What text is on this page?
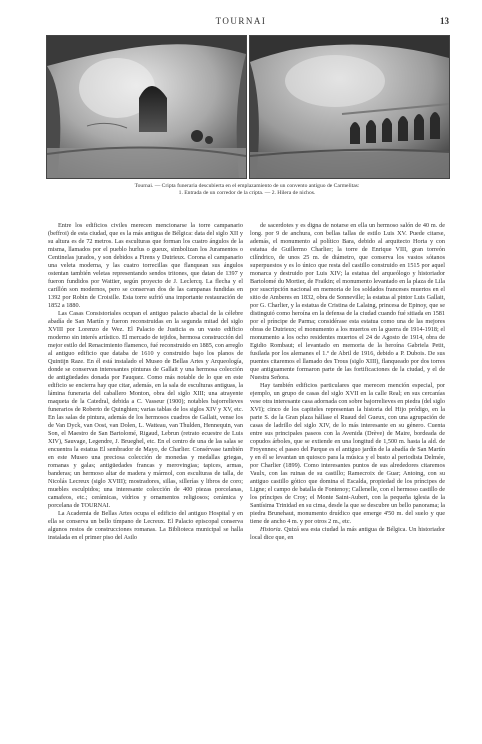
TOURNAI	13
Tournai. — Cripta funeraria descubierta en el emplazamiento de un convento antiguo de Carmelitas:
1. Entrada de un corredor de la cripta. — 2. Hilera de nichos.

Entre los edificios civiles merecen mencionarse la torre campanario (beffroi) de esta ciudad, que es la más antigua de Bélgica: data del siglo XII y su altura es de 72 metros. Las esculturas que forman los cuatro ángulos de la misma, llamados por el pueblo hurlus o gueux, simbolizan los Juramentos o Centinelas jurados, y son debidos a Firens y Dutrieux. Corona el campanario una veleta moderna, y las cuatro torrecillas que flanquean sus ángulos ostentan también veletas representando sendos tritones, que datan de 1397 y fueron fundidos por Wattier, según proyecto de J. Leclercq. La flecha y el carillón son modernos, pero se conservan dos de las campanas fundidas en 1392 por Robin de Croisille. Esta torre sufrió una importante restauración de 1852 a 1880.

Las Casas Consistoriales ocupan el antiguo palacio abacial de la célebre abadía de San Martín y fueron reconstruidas en la segunda mitad del siglo XVIII por Lorenzo de Wez. El Palacio de Justicia es un vasto edificio moderno sin interés artístico. El mercado de tejidos, hermosa construcción del mejor estilo del Renacimiento flamenco, fué reconstruido en 1885, con arreglo al antiguo edificio que databa de 1610 y construido bajo los planos de Quintijn Raze. En él está instalado el Museo de Bellas Artes y Arqueología, donde se conservan interesantes pinturas de Gallait y una hermosa colección de antigüedades donada por Fauquez. Como más notable de lo que en este edificio se encierra hay que citar, además, en la sala de esculturas antiguas, la lámina funeraria del caballero Monton, obra del siglo XIII; una atrayente maqueta de la Catedral, debida a C. Vasseur (1900); notables bajorrelieves funerarios de Roberto de Quinghien; varias tablas de los siglos XIV y XV, etc. En las salas de pintura, además de los hermosos cuadros de Gallait, vense los de Van Dyck, van Oost, van Dolen, L. Watteau, van Thulden, Hennequin, van Son, el Maestro de San Bartolomé, Rigaud, Lebrun (retrato ecuestre de Luis XIV), Sauvage, Legendre, J. Brueghel, etc. En el centro de una de las salas se encuentra la estatua El sembrador de Mayo, de Charlier. Consérvase también en este Museo una preciosa colección de monedas y medallas griegas, romanas y galas; antigüedades francas y merovingias; tapices, armas, banderas; un hermoso altar de madera y mármol, con esculturas de talla, de Nicolás Lecreux (siglo XVIII); mostradores, sillas, sillerías y libros de coro; muebles esculpidos; una interesante colección de 400 piezas porcelanas, camafeos, etc.; cerámicas, vidrios y ornamentos religiosos; cerámica y porcelana de TOURNAI.

La Academia de Bellas Artes ocupa el edificio del antiguo Hospital y en ella se conserva un bello tímpano de Lecreux. El Palacio episcopal conserva algunos restos de construcciones romanas. La Biblioteca municipal se halla instalada en el primer piso del Asilo

de sacerdotes y es digna de notarse en ella un hermoso salón de 40 m. de long. por 9 de anchura, con bellas tallas de estilo Luis XV. Puede citarse, además, el monumento al político Bara, debido al arquitecto Horta y con estatua de Guillermo Charlier; la torre de Enrique VIII, gran torreón cilíndrico, de unos 25 m. de diámetro, que conserva los vastos sótanos superpuestos y es lo único que resta del castillo construido en 1515 por aquel monarca y destruido por Luis XIV; la estatua del arqueólogo y historiador Bartolomé du Mortier, de Fraikin; el monumento levantado en la plaza de Lila por suscripción nacional en memoria de los soldados franceses muertos en el sitio de Amberes en 1832, obra de Sonneville; la estatua al pintor Luis Gallait, por G. Charlier, y la estatua de Cristina de Lalaing, princesa de Epinoy, que se distinguió como heroína en la defensa de la ciudad cuando fué sitiada en 1581 por el príncipe de Parma; considérase esta estatua como una de las mejores obras de Dutrieux; el monumento a los muertos en la guerra de 1914-1918; el monumento a los ocho residentes muertos el 24 de Agosto de 1914, obra de Egidio Rombaut; el levantado en memoria de la heroína Gabriela Petit, fusilada por los alemanes el 1.º de Abril de 1916, debido a P. Dubois. De sus puentes citaremos el llamado des Trous (siglo XIII), flanqueado por dos torres que antiguamente formaron parte de las fortificaciones de la ciudad, y el de Nuestra Señora.

Hay también edificios particulares que merecen mención especial, por ejemplo, un grupo de casas del siglo XVII en la calle Real; en sus cercanías vese otra interesante casa adornada con sobre bajorrelieves en piedra (del siglo XVI); cinco de los capiteles representan la historia del Hijo pródigo, en la parte S. de la Gran plaza hállase el Ruaud del Gueux, con una agrupación de casas de ladrillo del siglo XIV, de lo más interesante en su género. Cuenta entre sus principales paseos con la Avenida (Drève) de Maire, bordeada de copudos árboles, que se extiende en una longitud de 1,500 m. hasta la ald. de Froyennes; el paseo del Parque es el antiguo jardín de la abadía de San Martín y en él se levantan un quiosco para la música y el busto al periodista Delmée, por Charlier (1899). Como interesantes puntos de sus alrededores citaremos Vaulx, con las ruinas de su castillo; Ramecroix de Guar; Antoing, con su antiguo castillo gótico que domina el Escalda, propiedad de los príncipes de Ligne; el campo de batalla de Fontenoy; Callenelle, con el hermoso castillo de los príncipes de Croy; el Monte Saint-Aubert, con la pequeña iglesia de la Santísima Trinidad en su cima, desde la que se descubre un bello panorama; la piedra Brunehaut, monumento druídico que emerge 4'50 m. del suelo y que tiene de ancho 4 m. y por otros 2 m., etc.

Historia. Quizá sea esta ciudad la más antigua de Bélgica. Un historiador local dice que, en
